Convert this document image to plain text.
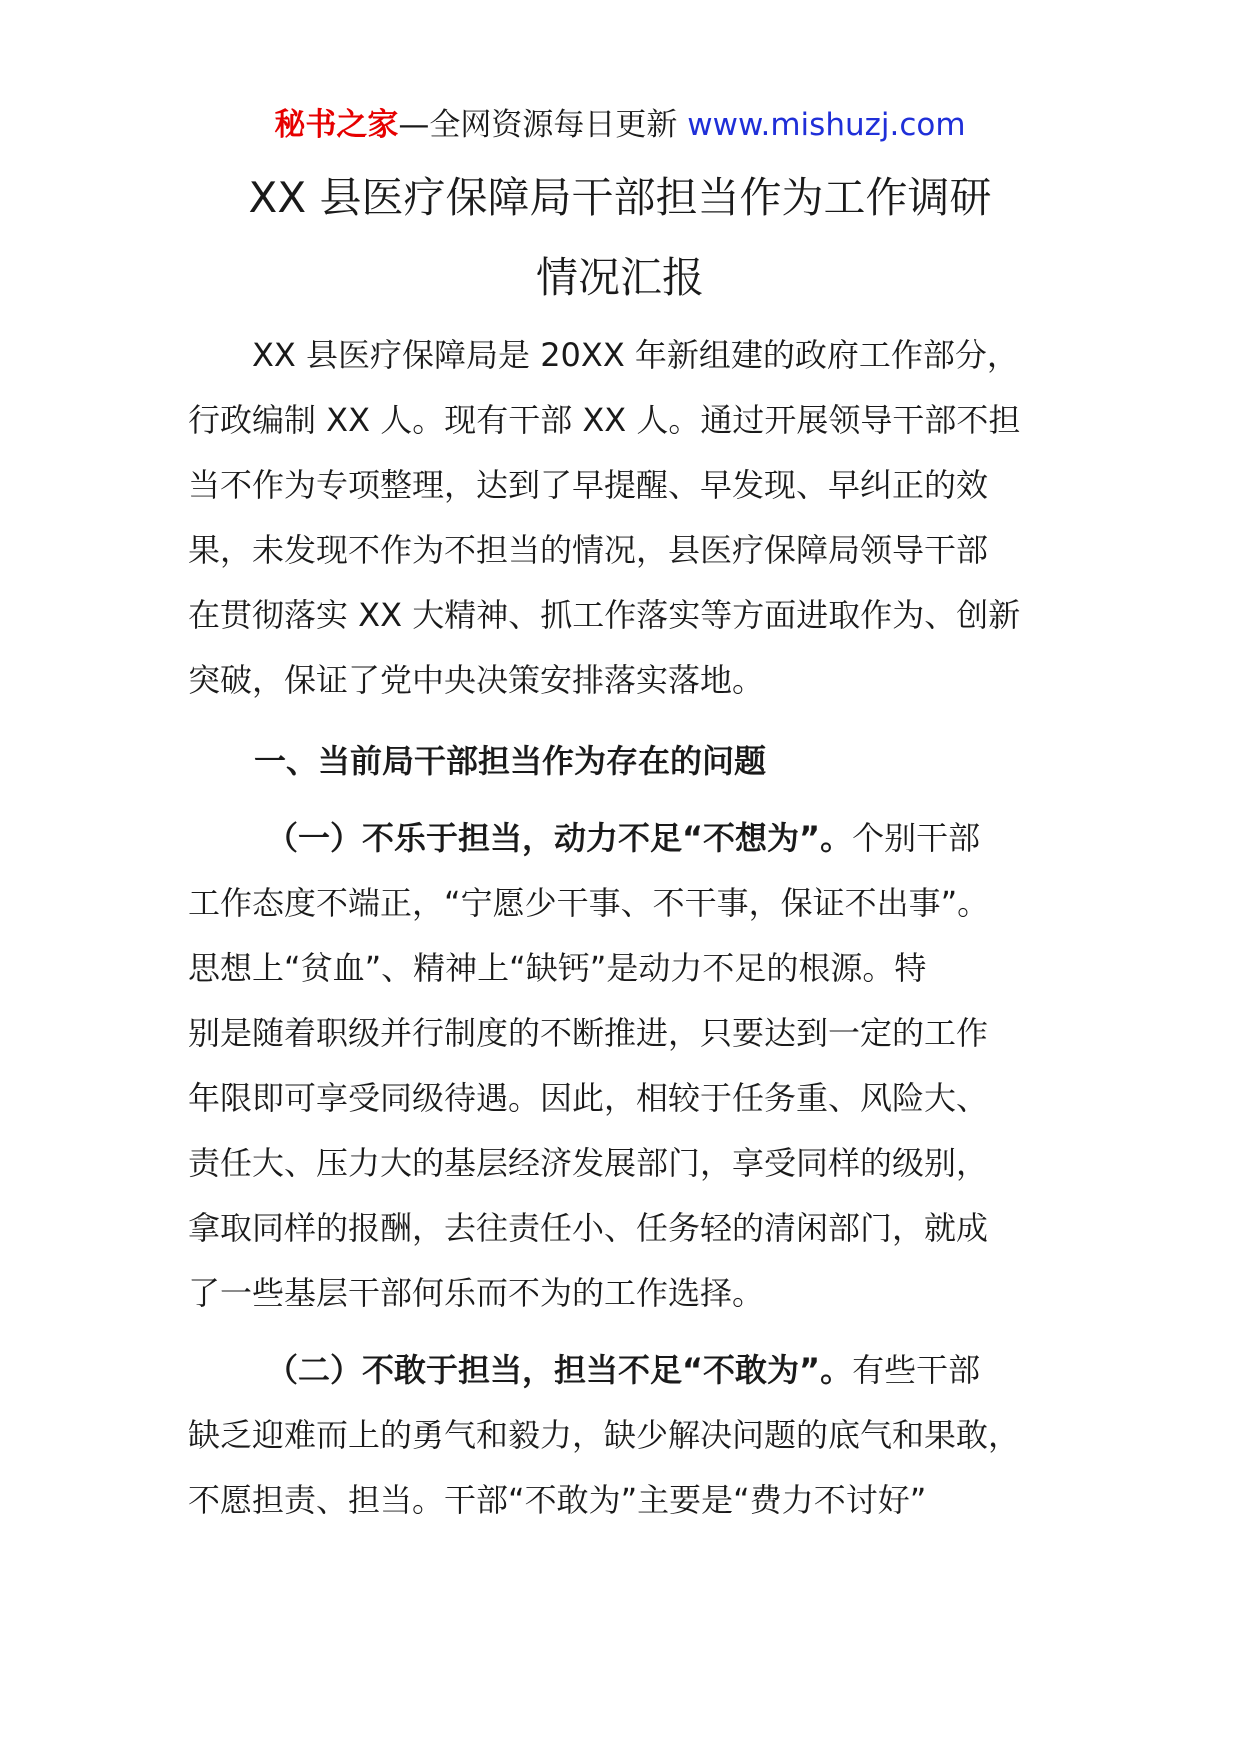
秘书之家—全网资源每日更新 www.mishuzj.com
XX 县医疗保障局干部担当作为工作调研
情况汇报

XX 县医疗保障局是 20XX 年新组建的政府工作部分，

行政编制 XX 人。现有干部 XX 人。通过开展领导干部不担

当不作为专项整理，达到了早提醒、早发现、早纠正的效

果，未发现不作为不担当的情况，县医疗保障局领导干部

在贯彻落实 XX 大精神、抓工作落实等方面进取作为、创新

突破，保证了党中央决策安排落实落地。

一、当前局干部担当作为存在的问题

（一）不乐于担当，动力不足“不想为”。个别干部

工作态度不端正，“宁愿少干事、不干事，保证不出事”。

思想上“贫血”、精神上“缺钙”是动力不足的根源。特

别是随着职级并行制度的不断推进，只要达到一定的工作

年限即可享受同级待遇。因此，相较于任务重、风险大、

责任大、压力大的基层经济发展部门，享受同样的级别，

拿取同样的报酬，去往责任小、任务轻的清闲部门，就成

了一些基层干部何乐而不为的工作选择。

（二）不敢于担当，担当不足“不敢为”。有些干部

缺乏迎难而上的勇气和毅力，缺少解决问题的底气和果敢，

不愿担责、担当。干部“不敢为”主要是“费力不讨好”
